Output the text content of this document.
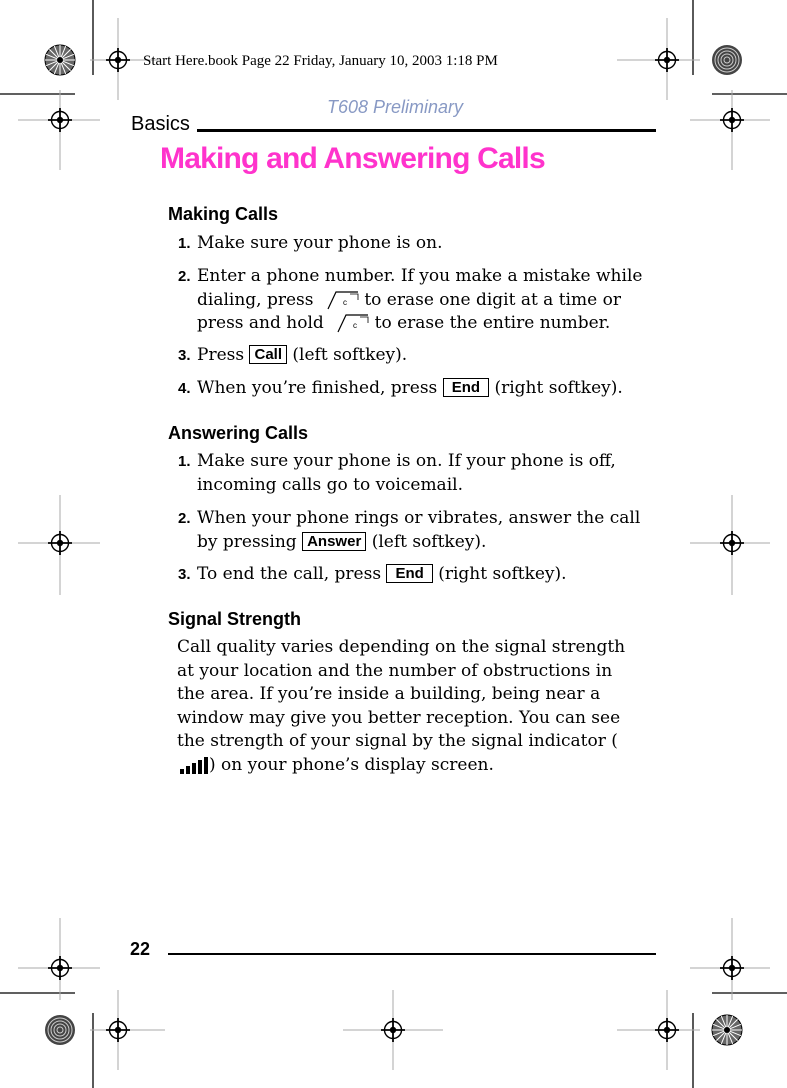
Start Here.book Page 22 Friday, January 10, 2003 1:18 PM
T608 Preliminary
Basics
Making and Answering Calls
Making Calls
1. Make sure your phone is on.
2. Enter a phone number. If you make a mistake while dialing, press	c to erase one digit at a time or press and hold	c to erase the entire number.
3. Press Call (left softkey).
4. When you’re finished, press End (right softkey).
Answering Calls
1. Make sure your phone is on. If your phone is off, incoming calls go to voicemail.
2. When your phone rings or vibrates, answer the call by pressing Answer (left softkey).
3. To end the call, press End (right softkey).
Signal Strength
Call quality varies depending on the signal strength at your location and the number of obstructions in the area. If you’re inside a building, being near a window may give you better reception. You can see the strength of your signal by the signal indicator () on your phone’s display screen.
22
